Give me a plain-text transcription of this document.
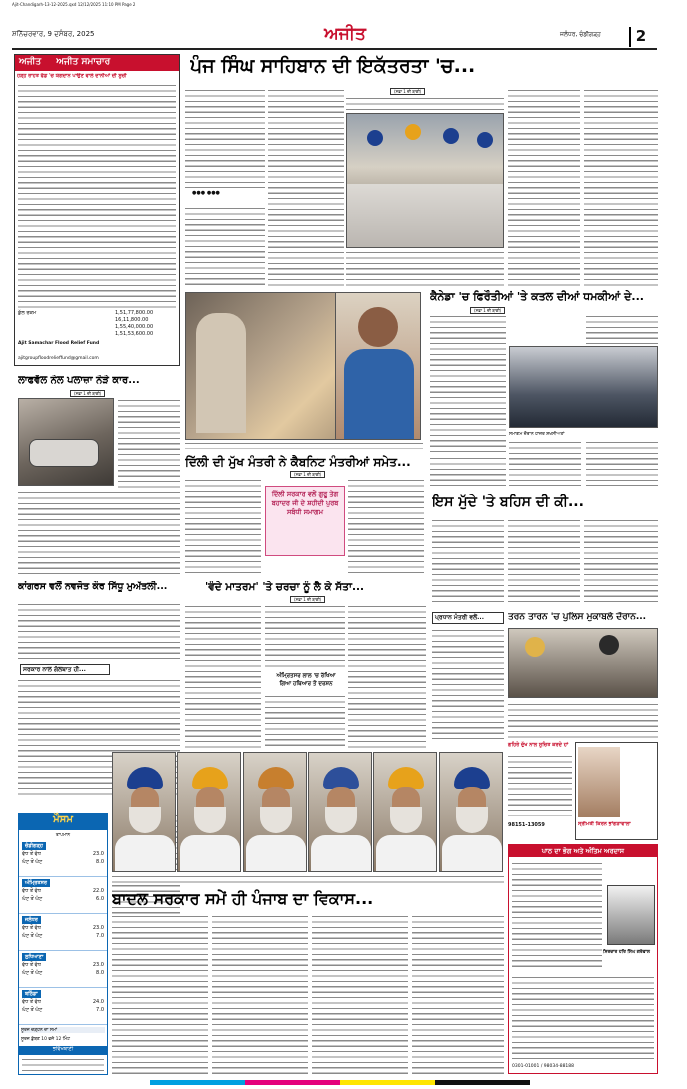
Ajit-Chandigarh-13-12-2025.qxd 12/12/2025 11:10 PM Page 2
ਸ਼ਨਿੱਚਰਵਾਰ, 9 ਦਸੰਬਰ, 2025	ਅਜੀਤ	ਜਲੰਧਰ, ਚੰਡੀਗੜ੍ਹ	2
ਅਜੀਤ ਅਜੀਤ ਸਮਾਚਾਰ
ਹੜ੍ਹ ਰਾਹਤ ਫੰਡ 'ਚ ਯੋਗਦਾਨ ਪਾਉਣ ਵਾਲੇ ਦਾਨੀਆਂ ਦੀ ਸੂਚੀ
ਕੁੱਲ ਰਕਮ	1,51,77,800.00
16,11,800.00
1,55,40,000.00
1,51,53,600.00
Ajit Samachar Flood Relief Fund
ajitgroupfloodrelieffund@gmail.com
ਲਾਫਵੱਲ ਨੇਲ ਪਲਾਜ਼ਾ ਨੇੜੇ ਕਾਰ...
(ਸਫ਼ਾ 1 ਦੀ ਬਾਕੀ)
ਕਾਂਗਰਸ ਵਲੋਂ ਨਵਜੋਤ ਕੌਰ ਸਿੱਧੂ ਮੁਅੱਤਲੀ...
ਸਰਕਾਰ ਨਾਲ ਗੱਲਬਾਤ ਹੀ...
ਮੌਸਮ
ਤਾਪਮਾਨ
ਚੰਡੀਗੜ੍ਹ
ਵੱਧ ਤੋਂ ਵੱਧ	23.0
ਘੱਟ ਤੋਂ ਘੱਟ	8.0
ਅੰਮ੍ਰਿਤਸਰ
ਵੱਧ ਤੋਂ ਵੱਧ	22.0
ਘੱਟ ਤੋਂ ਘੱਟ	6.0
ਜਲੰਧਰ
ਵੱਧ ਤੋਂ ਵੱਧ	23.0
ਘੱਟ ਤੋਂ ਘੱਟ	7.0
ਲੁਧਿਆਣਾ
ਵੱਧ ਤੋਂ ਵੱਧ	23.0
ਘੱਟ ਤੋਂ ਘੱਟ	8.0
ਬਠਿੰਡਾ
ਵੱਧ ਤੋਂ ਵੱਧ	24.0
ਘੱਟ ਤੋਂ ਘੱਟ	7.0
ਸੂਰਜ ਚੜ੍ਹਨ ਦਾ ਸਮਾਂ
ਸੂਰਜ ਡੁੱਬਣ 10 ਵਜੇ 12 ਮਿੰਟ
ਭਵਿੱਖਬਾਣੀ
ਪੰਜ ਸਿੰਘ ਸਾਹਿਬਾਨ ਦੀ ਇਕੱਤਰਤਾ 'ਚ...
●●● ●●●
(ਸਫ਼ਾ 1 ਦੀ ਬਾਕੀ)
ਕੈਨੇਡਾ 'ਚ ਫਿਰੌਤੀਆਂ 'ਤੇ ਕਤਲ ਦੀਆਂ ਧਮਕੀਆਂ ਦੇ...
(ਸਫ਼ਾ 1 ਦੀ ਬਾਕੀ)
ਸਮਾਗਮ ਦੌਰਾਨ ਹਾਜ਼ਰ ਸ਼ਖਸੀਅਤਾਂ
ਦਿੱਲੀ ਦੀ ਮੁੱਖ ਮੰਤਰੀ ਨੇ ਕੈਬਨਿਟ ਮੰਤਰੀਆਂ ਸਮੇਤ...
(ਸਫ਼ਾ 1 ਦੀ ਬਾਕੀ)
ਦਿੱਲੀ ਸਰਕਾਰ ਵਲੋਂ ਗੁਰੂ ਤੇਗ ਬਹਾਦਰ ਜੀ ਦੇ ਸ਼ਹੀਦੀ ਪੁਰਬ ਸਬੰਧੀ ਸਮਾਗਮ
ਇਸ ਮੁੱਦੇ 'ਤੇ ਬਹਿਸ ਦੀ ਕੀ...
'ਵੰਦੇ ਮਾਤਰਮ' 'ਤੇ ਚਰਚਾ ਨੂੰ ਲੈ ਕੇ ਸੱਤਾ...
(ਸਫ਼ਾ 1 ਦੀ ਬਾਕੀ)
ਅੰਮ੍ਰਿਤਸਰ ਲਾਲ 'ਚ ਰੱਖਿਆ ਗਿਆ ਹਥਿਆਰ ਤੋਂ ਦਰਸ਼ਨ
ਪ੍ਰਧਾਨ ਮੰਤਰੀ ਵਲੋਂ...	ਤਰਨ ਤਾਰਨ 'ਚ ਪੁਲਿਸ ਮੁਕਾਬਲੇ ਦੌਰਾਨ...
ਸ੍ਰੀਮਤੀ ਕਿਰਨ ਭਾਂਗੜਾਵਾਲਾ
ਗਹਿਰੇ ਦੁੱਖ ਨਾਲ ਸੂਚਿਤ ਕਰਦੇ ਹਾਂ
98151-13059
ਬਾਦਲ ਸਰਕਾਰ ਸਮੇਂ ਹੀ ਪੰਜਾਬ ਦਾ ਵਿਕਾਸ...
ਪਾਠ ਦਾ ਭੋਗ ਅਤੇ ਅੰਤਿਮ ਅਰਦਾਸ
ਸਿਰਦਾਰ ਹਰਿ ਸਿੰਘ ਗਰੇਵਾਲ
0301-01001 / 98034-88188
